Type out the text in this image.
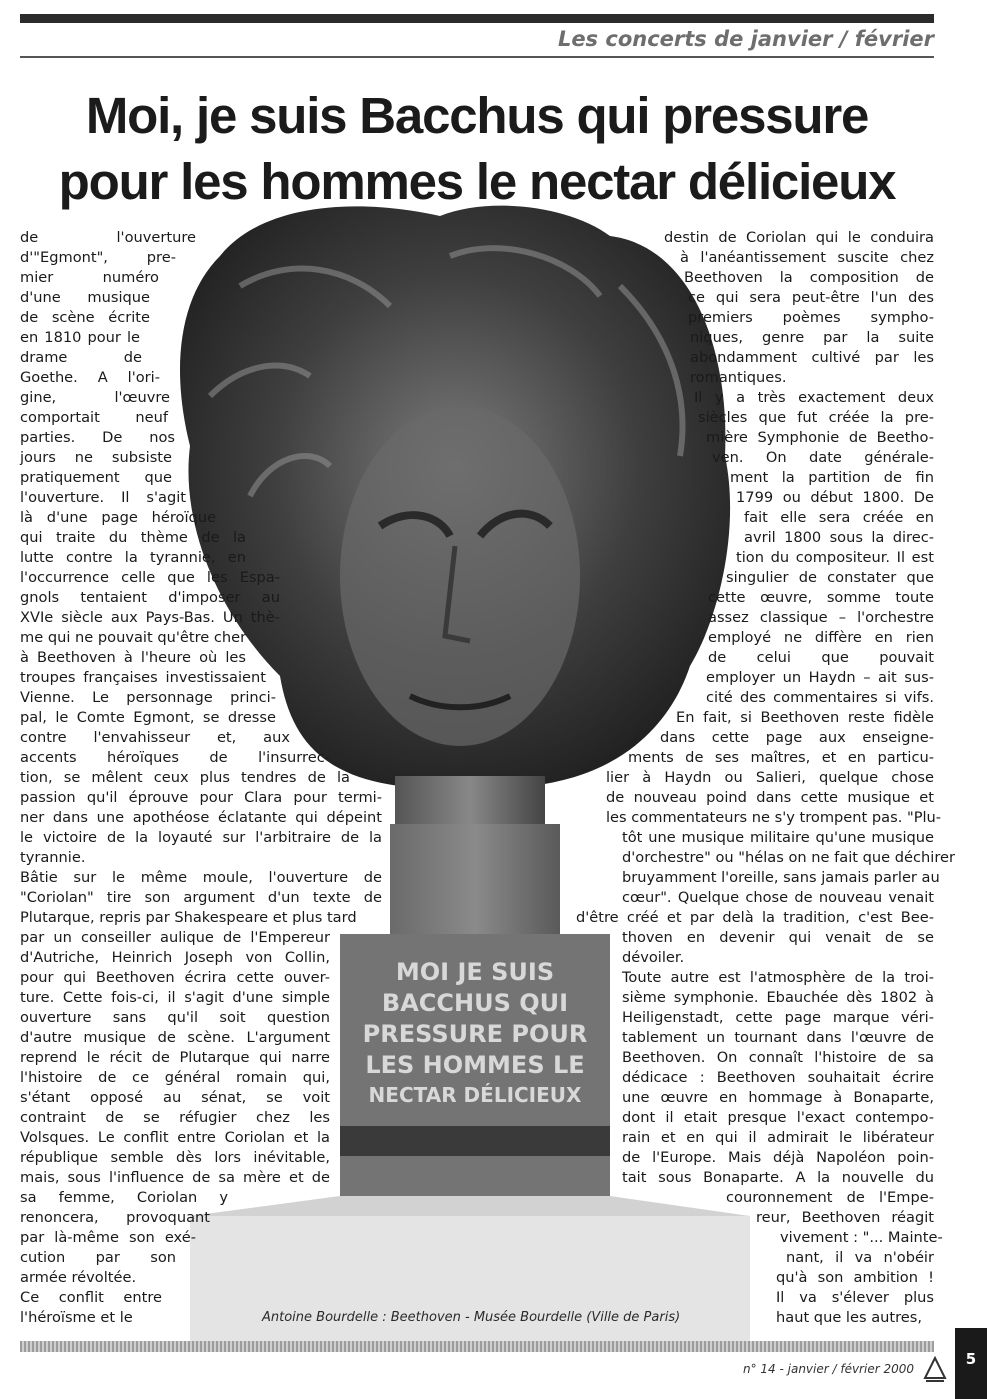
Les concerts de janvier / février
Moi, je suis Bacchus qui pressure
pour les hommes le nectar délicieux
MOI JE SUIS
BACCHUS QUI
PRESSURE POUR
LES HOMMES LE
NECTAR DÉLICIEUX
de l'ouverture
d'"Egmont", pre-
mier numéro
d'une musique
de scène écrite
en 1810 pour le
drame de
Goethe. A l'ori-
gine, l'œuvre
comportait neuf
parties. De nos
jours ne subsiste
pratiquement que
l'ouverture. Il s'agit
là d'une page héroïque
qui traite du thème de la
lutte contre la tyrannie, en
l'occurrence celle que les Espa-
gnols tentaient d'imposer au
XVIe siècle aux Pays-Bas. Un thè-
me qui ne pouvait qu'être cher
à Beethoven à l'heure où les
troupes françaises investissaient
Vienne. Le personnage princi-
pal, le Comte Egmont, se dresse
contre l'envahisseur et, aux
accents héroïques de l'insurrec-
tion, se mêlent ceux plus tendres de la
passion qu'il éprouve pour Clara pour termi-
ner dans une apothéose éclatante qui dépeint
le victoire de la loyauté sur l'arbitraire de la
tyrannie.
Bâtie sur le même moule, l'ouverture de
"Coriolan" tire son argument d'un texte de
Plutarque, repris par Shakespeare et plus tard
par un conseiller aulique de l'Empereur
d'Autriche, Heinrich Joseph von Collin,
pour qui Beethoven écrira cette ouver-
ture. Cette fois-ci, il s'agit d'une simple
ouverture sans qu'il soit question
d'autre musique de scène. L'argument
reprend le récit de Plutarque qui narre
l'histoire de ce général romain qui,
s'étant opposé au sénat, se voit
contraint de se réfugier chez les
Volsques. Le conflit entre Coriolan et la
république semble dès lors inévitable,
mais, sous l'influence de sa mère et de
sa femme, Coriolan y
renoncera, provoquant
par là-même son exé-
cution par son
armée révoltée.
Ce conflit entre
l'héroïsme et le
destin de Coriolan qui le conduira
à l'anéantissement suscite chez
Beethoven la composition de
ce qui sera peut-être l'un des
premiers poèmes sympho-
niques, genre par la suite
abondamment cultivé par les
romantiques.
Il y a très exactement deux
siècles que fut créée la pre-
mière Symphonie de Beetho-
ven. On date générale-
ment la partition de fin
1799 ou début 1800. De
fait elle sera créée en
avril 1800 sous la direc-
tion du compositeur. Il est
singulier de constater que
cette œuvre, somme toute
assez classique – l'orchestre
employé ne diffère en rien
de celui que pouvait
employer un Haydn – ait sus-
cité des commentaires si vifs.
En fait, si Beethoven reste fidèle
dans cette page aux enseigne-
ments de ses maîtres, et en particu-
lier à Haydn ou Salieri, quelque chose
de nouveau poind dans cette musique et
les commentateurs ne s'y trompent pas. "Plu-
tôt une musique militaire qu'une musique
d'orchestre" ou "hélas on ne fait que déchirer
bruyamment l'oreille, sans jamais parler au
cœur". Quelque chose de nouveau venait
d'être créé et par delà la tradition, c'est Bee-
thoven en devenir qui venait de se
dévoiler.
Toute autre est l'atmosphère de la troi-
sième symphonie. Ebauchée dès 1802 à
Heiligenstadt, cette page marque véri-
tablement un tournant dans l'œuvre de
Beethoven. On connaît l'histoire de sa
dédicace : Beethoven souhaitait écrire
une œuvre en hommage à Bonaparte,
dont il etait presque l'exact contempo-
rain et en qui il admirait le libérateur
de l'Europe. Mais déjà Napoléon poin-
tait sous Bonaparte. A la nouvelle du
couronnement de l'Empe-
reur, Beethoven réagit
vivement : "... Mainte-
nant, il va n'obéir
qu'à son ambition !
Il va s'élever plus
haut que les autres,
Antoine Bourdelle : Beethoven - Musée Bourdelle (Ville de Paris)
n° 14 - janvier / février 2000
5
